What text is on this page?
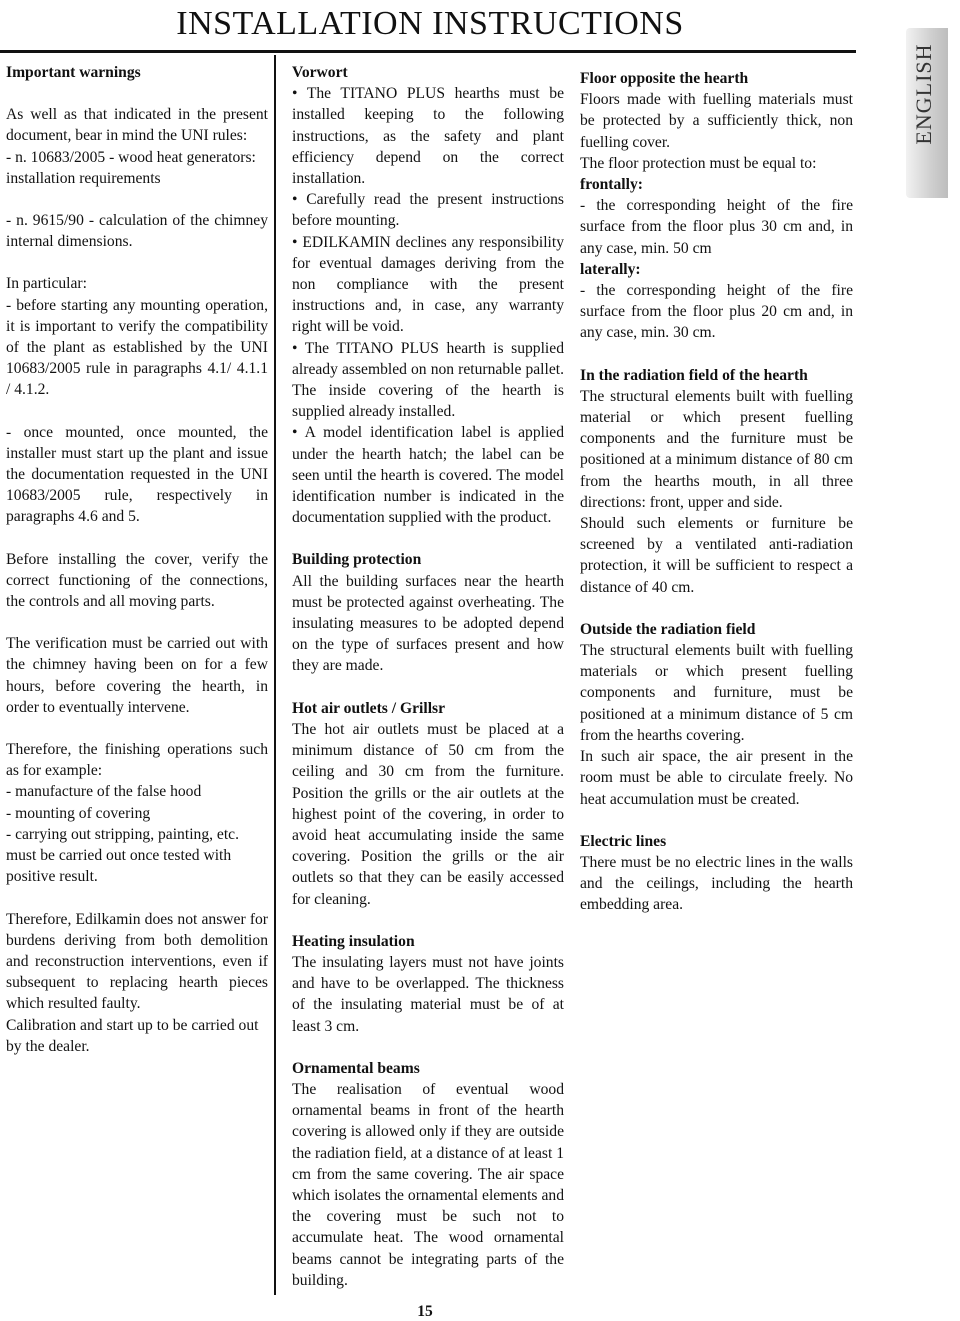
INSTALLATION INSTRUCTIONS
ENGLISH
Important warnings

As well as that indicated in the present document, bear in mind the UNI rules:

- n. 10683/2005 - wood heat generators: installation requirements

- n. 9615/90 - calculation of the chimney internal dimensions.

In particular:

- before starting any mounting operation, it is important to verify the compatibility of the plant as established by the UNI 10683/2005 rule in paragraphs 4.1/ 4.1.1 / 4.1.2.

- once mounted, once mounted, the installer must start up the plant and issue the documentation requested in the UNI 10683/2005 rule, respectively in paragraphs 4.6 and 5.

Before installing the cover, verify the correct functioning of the connections, the controls and all moving parts.

The verification must be carried out with the chimney having been on for a few hours, before covering the hearth, in order to eventually intervene.

Therefore, the finishing operations such as for example:

- manufacture of the false hood

- mounting of covering

- carrying out stripping, painting, etc.

must be carried out once tested with positive result.

Therefore, Edilkamin does not answer for burdens deriving from both demolition and reconstruction interventions, even if subsequent to replacing hearth pieces which resulted faulty.

Calibration and start up to be carried out by the dealer.

Vorwort

• The TITANO PLUS hearths must be installed keeping to the following instructions, as the safety and plant efficiency depend on the correct installation.

• Carefully read the present instructions before mounting.

• EDILKAMIN declines any responsibility for eventual damages deriving from the non compliance with the present instructions and, in case, any warranty right will be void.

• The TITANO PLUS hearth is supplied already assembled on non returnable pallet. The inside covering of the hearth is supplied already installed.

• A model identification label is applied under the hearth hatch; the label can be seen until the hearth is covered. The model identification number is indicated in the documentation supplied with the product.

Building protection

All the building surfaces near the hearth must be protected against overheating. The insulating measures to be adopted depend on the type of surfaces present and how they are made.

Hot air outlets / Grillsr

The hot air outlets must be placed at a minimum distance of 50 cm from the ceiling and 30 cm from the furniture. Position the grills or the air outlets at the highest point of the covering, in order to avoid heat accumulating inside the same covering. Position the grills or the air outlets so that they can be easily accessed for cleaning.

Heating insulation

The insulating layers must not have joints and have to be overlapped. The thickness of the insulating material must be of at least 3 cm.

Ornamental beams

The realisation of eventual wood ornamental beams in front of the hearth covering is allowed only if they are outside the radiation field, at a distance of at least 1 cm from the same covering. The air space which isolates the ornamental elements and the covering must be such not to accumulate heat. The wood ornamental beams cannot be integrating parts of the building.

Floor opposite the hearth

Floors made with fuelling materials must be protected by a sufficiently thick, non fuelling cover.

The floor protection must be equal to:

frontally:

- the corresponding height of the fire surface from the floor plus 30 cm and, in any case, min. 50 cm

laterally:

- the corresponding height of the fire surface from the floor plus 20 cm and, in any case, min. 30 cm.

In the radiation field of the hearth

The structural elements built with fuelling material or which present fuelling components and the furniture must be positioned at a minimum distance of 80 cm from the hearths mouth, in all three directions: front, upper and side.

Should such elements or furniture be screened by a ventilated anti-radiation protection, it will be sufficient to respect a distance of 40 cm.

Outside the radiation field

The structural elements built with fuelling materials or which present fuelling components and furniture, must be positioned at a minimum distance of 5 cm from the hearths covering.

In such air space, the air present in the room must be able to circulate freely. No heat accumulation must be created.

Electric lines

There must be no electric lines in the walls and the ceilings, including the hearth embedding area.

15
